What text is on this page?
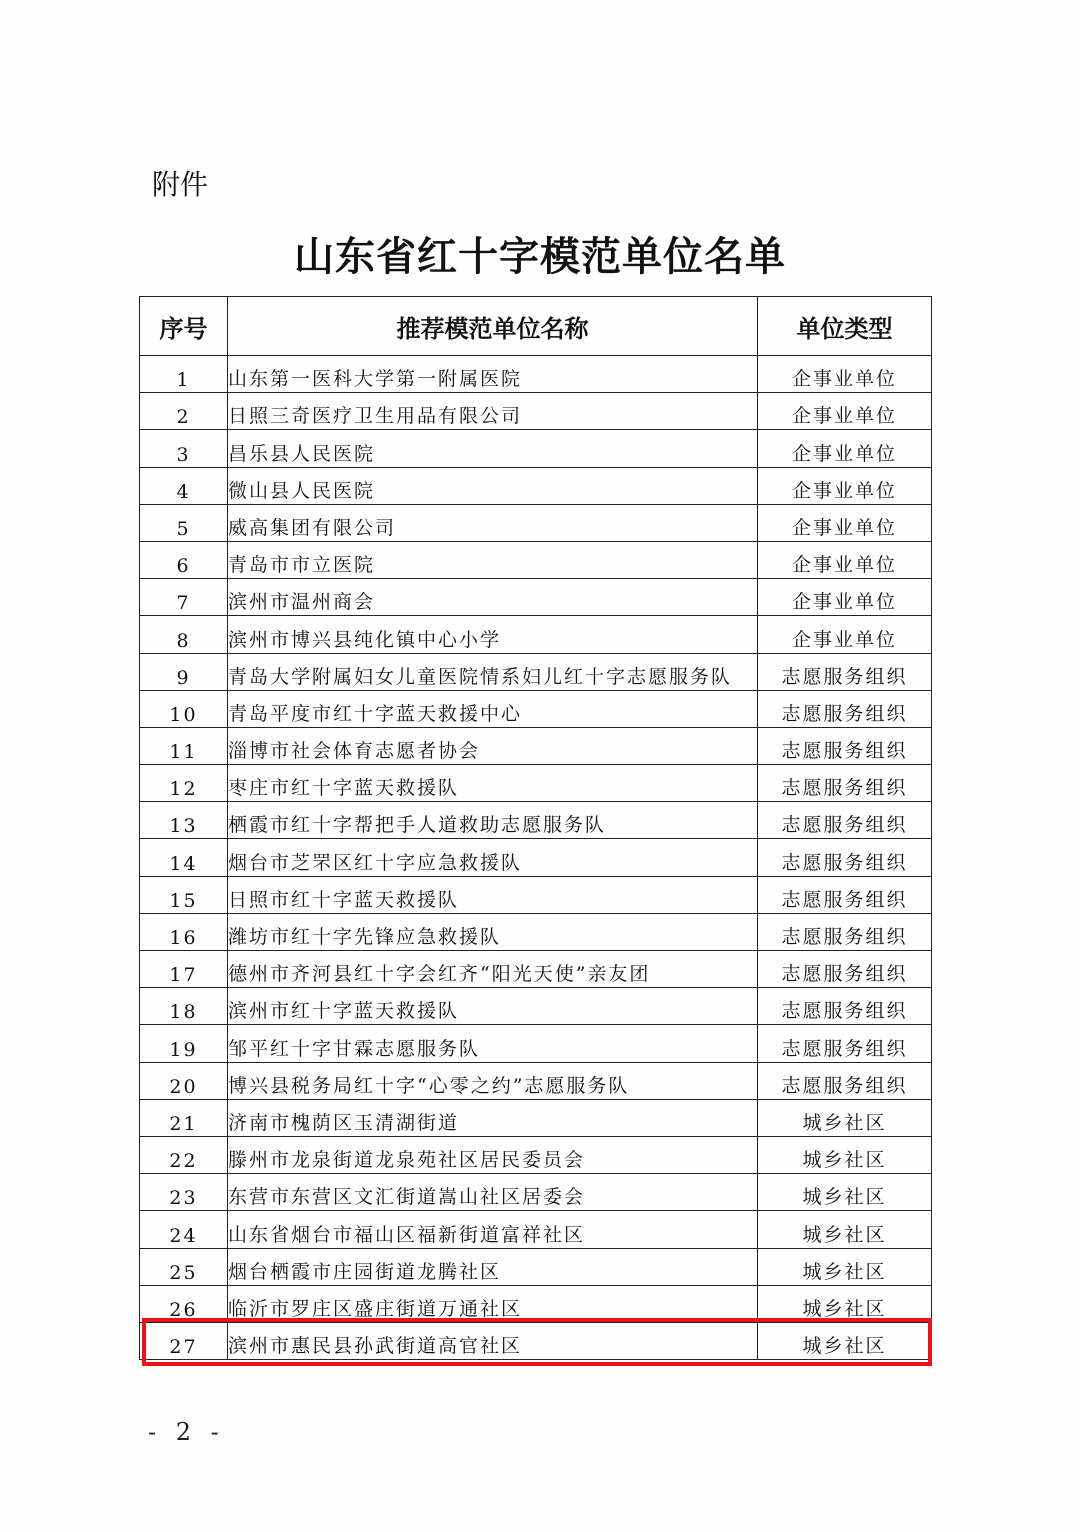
附件
山东省红十字模范单位名单
序号	推荐模范单位名称	单位类型
1	山东第一医科大学第一附属医院	企事业单位
2	日照三奇医疗卫生用品有限公司	企事业单位
3	昌乐县人民医院	企事业单位
4	微山县人民医院	企事业单位
5	威高集团有限公司	企事业单位
6	青岛市市立医院	企事业单位
7	滨州市温州商会	企事业单位
8	滨州市博兴县纯化镇中心小学	企事业单位
9	青岛大学附属妇女儿童医院情系妇儿红十字志愿服务队	志愿服务组织
10	青岛平度市红十字蓝天救援中心	志愿服务组织
11	淄博市社会体育志愿者协会	志愿服务组织
12	枣庄市红十字蓝天救援队	志愿服务组织
13	栖霞市红十字帮把手人道救助志愿服务队	志愿服务组织
14	烟台市芝罘区红十字应急救援队	志愿服务组织
15	日照市红十字蓝天救援队	志愿服务组织
16	潍坊市红十字先锋应急救援队	志愿服务组织
17	德州市齐河县红十字会红齐“阳光天使”亲友团	志愿服务组织
18	滨州市红十字蓝天救援队	志愿服务组织
19	邹平红十字甘霖志愿服务队	志愿服务组织
20	博兴县税务局红十字“心零之约”志愿服务队	志愿服务组织
21	济南市槐荫区玉清湖街道	城乡社区
22	滕州市龙泉街道龙泉苑社区居民委员会	城乡社区
23	东营市东营区文汇街道嵩山社区居委会	城乡社区
24	山东省烟台市福山区福新街道富祥社区	城乡社区
25	烟台栖霞市庄园街道龙腾社区	城乡社区
26	临沂市罗庄区盛庄街道万通社区	城乡社区
27	滨州市惠民县孙武街道高官社区	城乡社区
- 2 -
